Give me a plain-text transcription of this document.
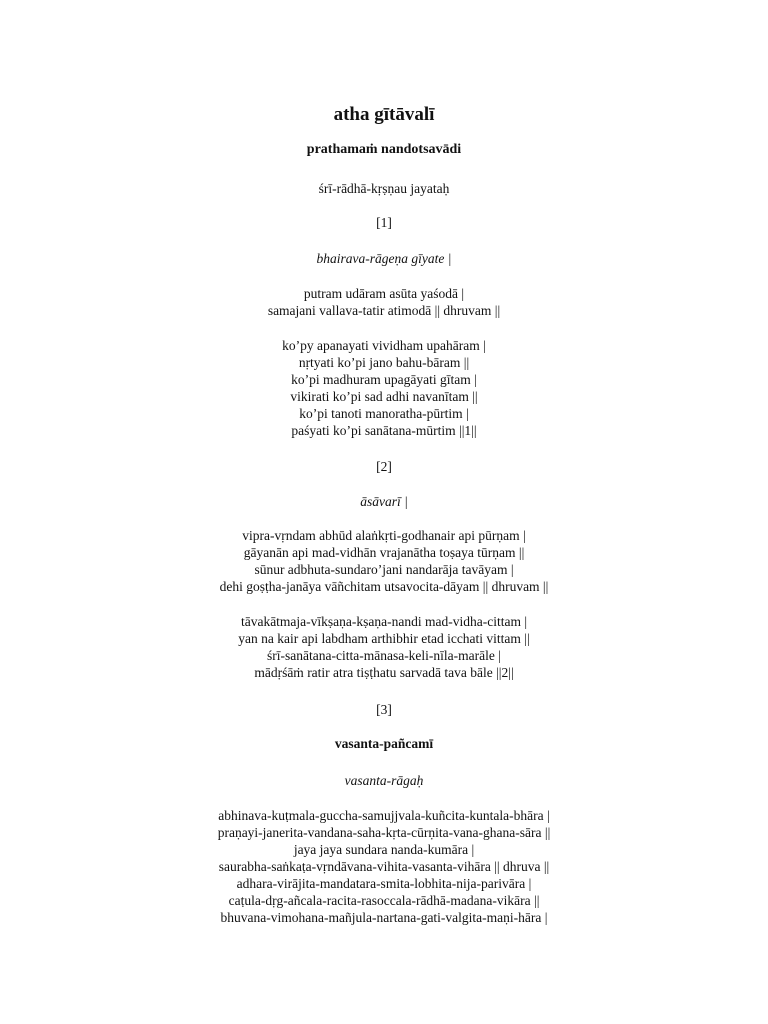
atha gītāvalī
prathamaṁ nandotsavādi
śrī-rādhā-kṛṣṇau jayataḥ
[1]
bhairava-rāgeṇa gīyate |
putram udāram asūta yaśodā |
samajani vallava-tatir atimodā || dhruvam ||
ko’py apanayati vividham upahāram |
nṛtyati ko’pi jano bahu-bāram ||
ko’pi madhuram upagāyati gītam |
vikirati ko’pi sad adhi navanītam ||
ko’pi tanoti manoratha-pūrtim |
paśyati ko’pi sanātana-mūrtim ||1||
[2]
āsāvarī |
vipra-vṛndam abhūd alaṅkṛti-godhanair api pūrṇam |
gāyanān api mad-vidhān vrajanātha toṣaya tūrṇam ||
sūnur adbhuta-sundaro’jani nandarāja tavāyam |
dehi goṣṭha-janāya vāñchitam utsavocita-dāyam || dhruvam ||
tāvakātmaja-vīkṣaṇa-kṣaṇa-nandi mad-vidha-cittam |
yan na kair api labdham arthibhir etad icchati vittam ||
śrī-sanātana-citta-mānasa-keli-nīla-marāle |
mādṛśāṁ ratir atra tiṣṭhatu sarvadā tava bāle ||2||
[3]
vasanta-pañcamī
vasanta-rāgaḥ
abhinava-kuṭmala-guccha-samujjvala-kuñcita-kuntala-bhāra |
praṇayi-janerita-vandana-saha-kṛta-cūrṇita-vana-ghana-sāra ||
jaya jaya sundara nanda-kumāra |
saurabha-saṅkaṭa-vṛndāvana-vihita-vasanta-vihāra || dhruva ||
adhara-virājita-mandatara-smita-lobhita-nija-parivāra |
caṭula-dṛg-añcala-racita-rasoccala-rādhā-madana-vikāra ||
bhuvana-vimohana-mañjula-nartana-gati-valgita-maṇi-hāra |
